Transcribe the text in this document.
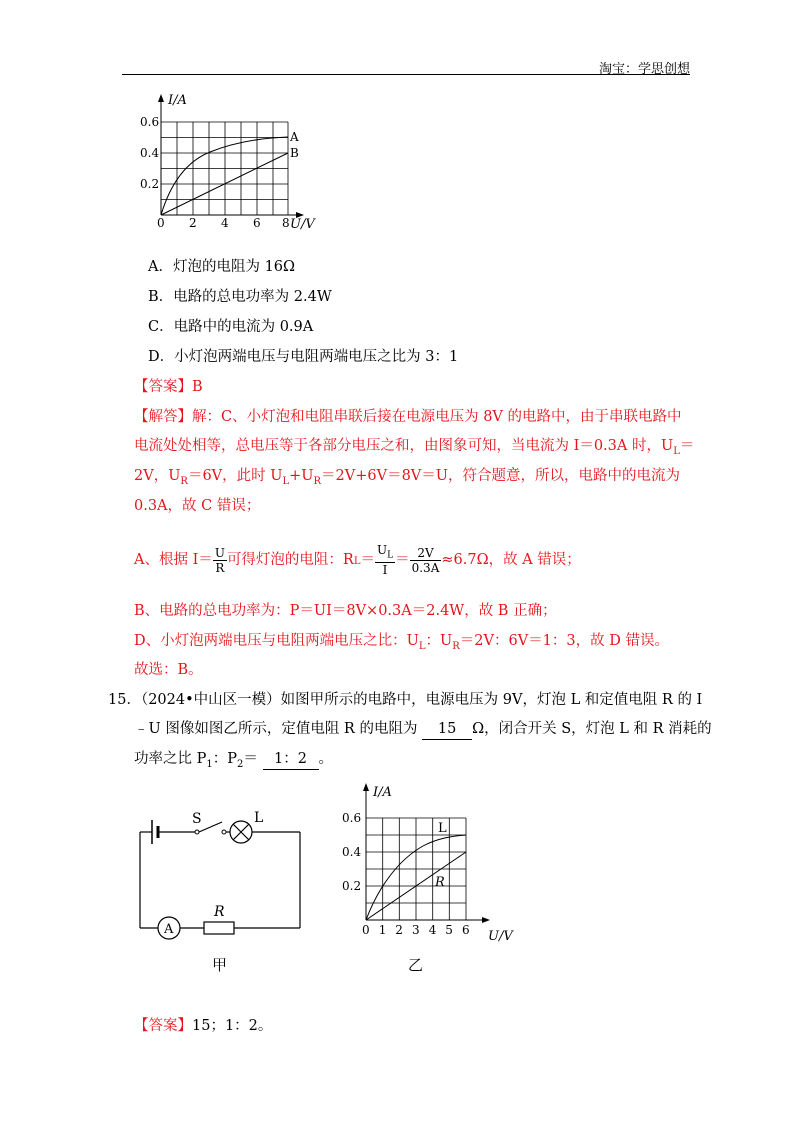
淘宝：学思创想
I/A
U/V
0.6
0.4
0.2
0 2 4 6 8
A
B
A．灯泡的电阻为 16Ω
B．电路的总电功率为 2.4W
C．电路中的电流为 0.9A
D．小灯泡两端电压与电阻两端电压之比为 3：1
【答案】B
【解答】解：C、小灯泡和电阻串联后接在电源电压为 8V 的电路中，由于串联电路中
电流处处相等，总电压等于各部分电压之和，由图象可知，当电流为 I＝0.3A 时，$U_L=$
2V，$U_R=6V$，此时 $U_L+U_R=2V+6V=8V=U$，符合题意，所以，电路中的电流为
0.3A，故 C 错误；
A、根据 $I= \frac{U}{R}$ 可得灯泡的电阻：R $L = \frac{U_L}{I} = \frac{2V}{0.3A} \approx 6.7\Omega$，故 A 错误；
B、电路的总电功率为：P＝UI＝8V×0.3A＝2.4W，故 B 正确；
D、小灯泡两端电压与电阻两端电压之比：$U_L$：$U_R=2V$：6V＝1：3，故 D 错误。
故选：B。
15．（2024•中山区一模）如图甲所示的电路中，电源电压为 9V，灯泡 L 和定值电阻 R 的 I
﹣U 图像如图乙所示，定值电阻 R 的电阻为 15 Ω，闭合开关 S，灯泡 L 和 R 消耗的
功率之比 $P_1$：$P_2= 1$：2 。
S	L
R
A
甲
I/A
U/V
0.6
0.4
0.2
0 1 2 3 4 5 6
L
R
乙
【答案】15；1：2。
